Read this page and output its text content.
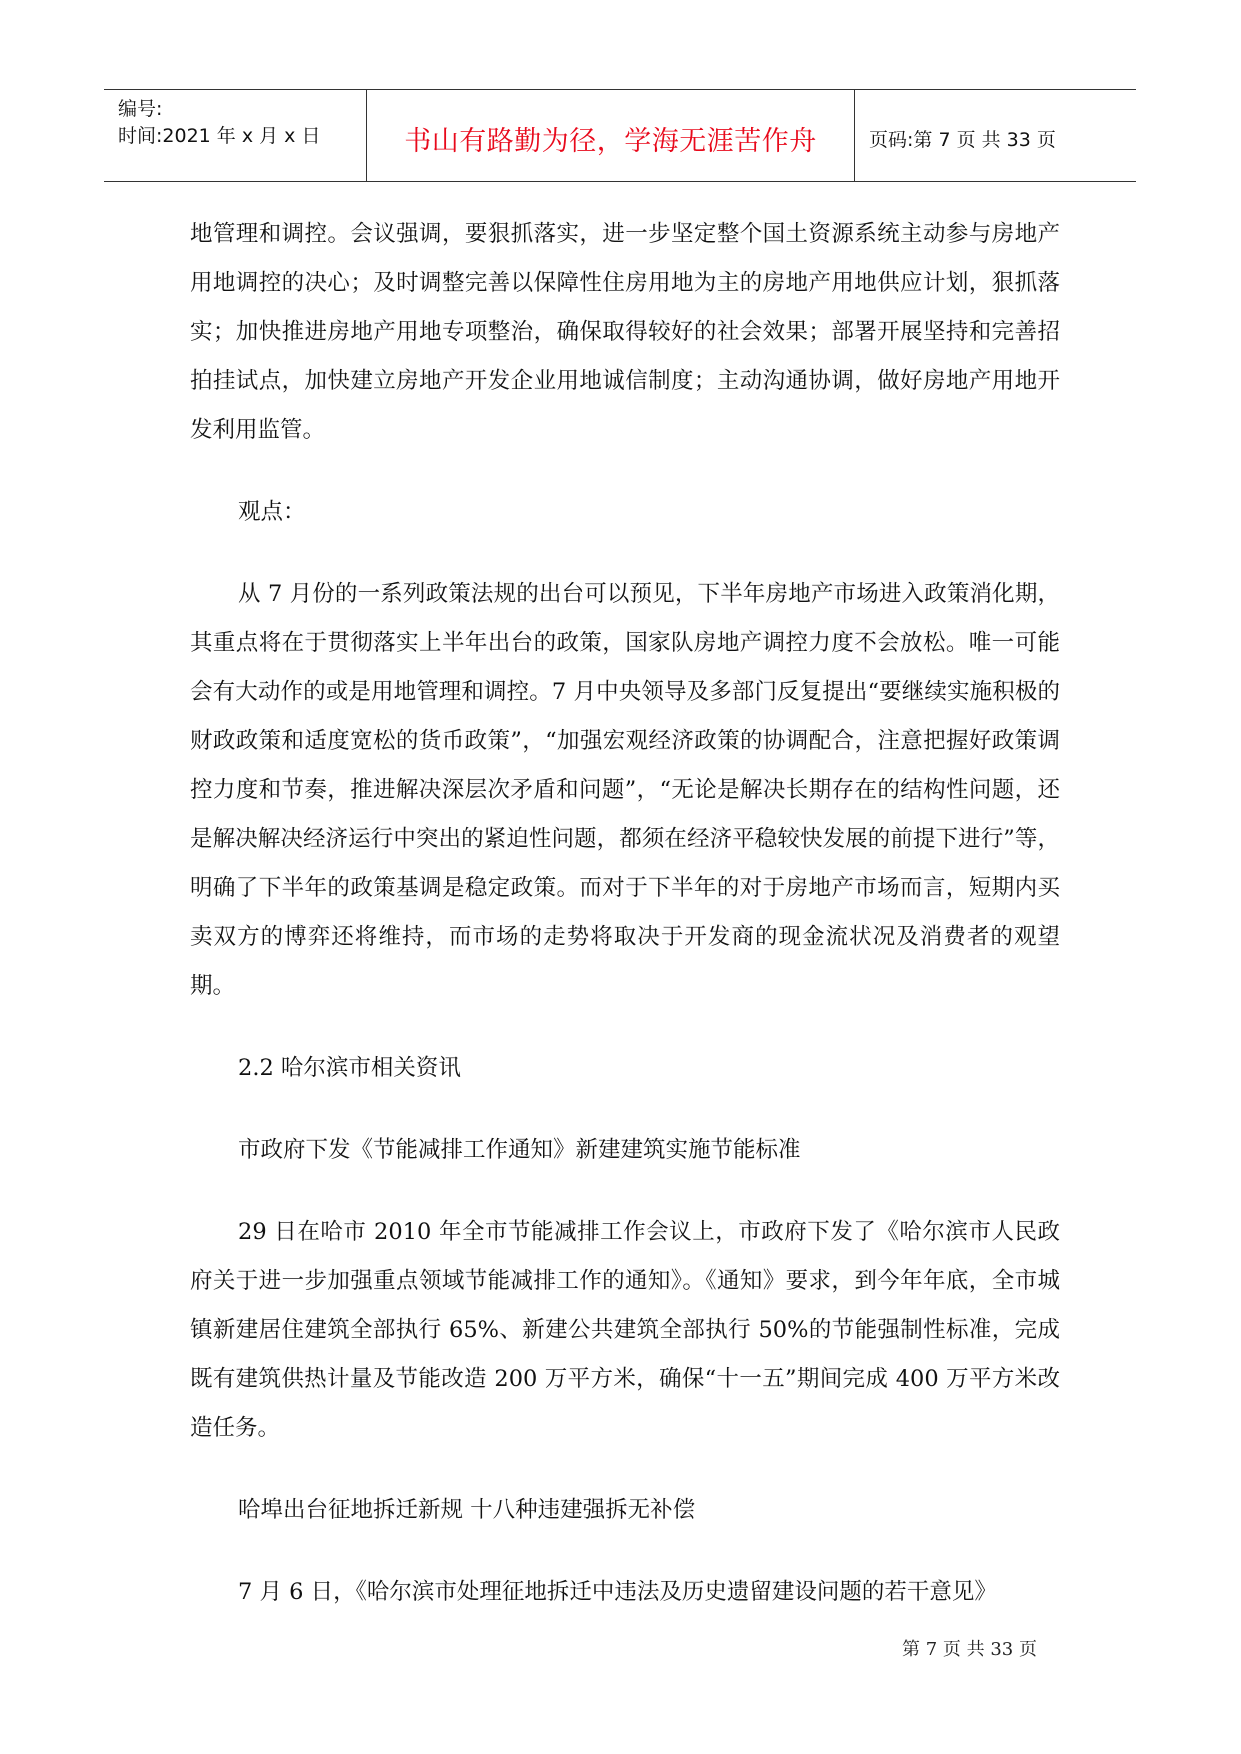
编号:
时间:2021 年 x 月 x 日	书山有路勤为径，学海无涯苦作舟	页码:第 7 页 共 33 页

地管理和调控。会议强调，要狠抓落实，进一步坚定整个国土资源系统主动参与房地产用地调控的决心；及时调整完善以保障性住房用地为主的房地产用地供应计划，狠抓落实；加快推进房地产用地专项整治，确保取得较好的社会效果；部署开展坚持和完善招拍挂试点，加快建立房地产开发企业用地诚信制度；主动沟通协调，做好房地产用地开发利用监管。

观点：

从 7 月份的一系列政策法规的出台可以预见，下半年房地产市场进入政策消化期，其重点将在于贯彻落实上半年出台的政策，国家队房地产调控力度不会放松。唯一可能会有大动作的或是用地管理和调控。7 月中央领导及多部门反复提出“要继续实施积极的财政政策和适度宽松的货币政策”，“加强宏观经济政策的协调配合，注意把握好政策调控力度和节奏，推进解决深层次矛盾和问题”，“无论是解决长期存在的结构性问题，还是解决解决经济运行中突出的紧迫性问题，都须在经济平稳较快发展的前提下进行”等，明确了下半年的政策基调是稳定政策。而对于下半年的对于房地产市场而言，短期内买卖双方的博弈还将维持，而市场的走势将取决于开发商的现金流状况及消费者的观望期。

2.2 哈尔滨市相关资讯

市政府下发《节能减排工作通知》新建建筑实施节能标准

29 日在哈市 2010 年全市节能减排工作会议上，市政府下发了《哈尔滨市人民政府关于进一步加强重点领域节能减排工作的通知》。《通知》要求，到今年年底，全市城镇新建居住建筑全部执行 65%、新建公共建筑全部执行 50%的节能强制性标准，完成既有建筑供热计量及节能改造 200 万平方米，确保“十一五”期间完成 400 万平方米改造任务。

哈埠出台征地拆迁新规 十八种违建强拆无补偿

7 月 6 日，《哈尔滨市处理征地拆迁中违法及历史遗留建设问题的若干意见》

第 7 页 共 33 页
